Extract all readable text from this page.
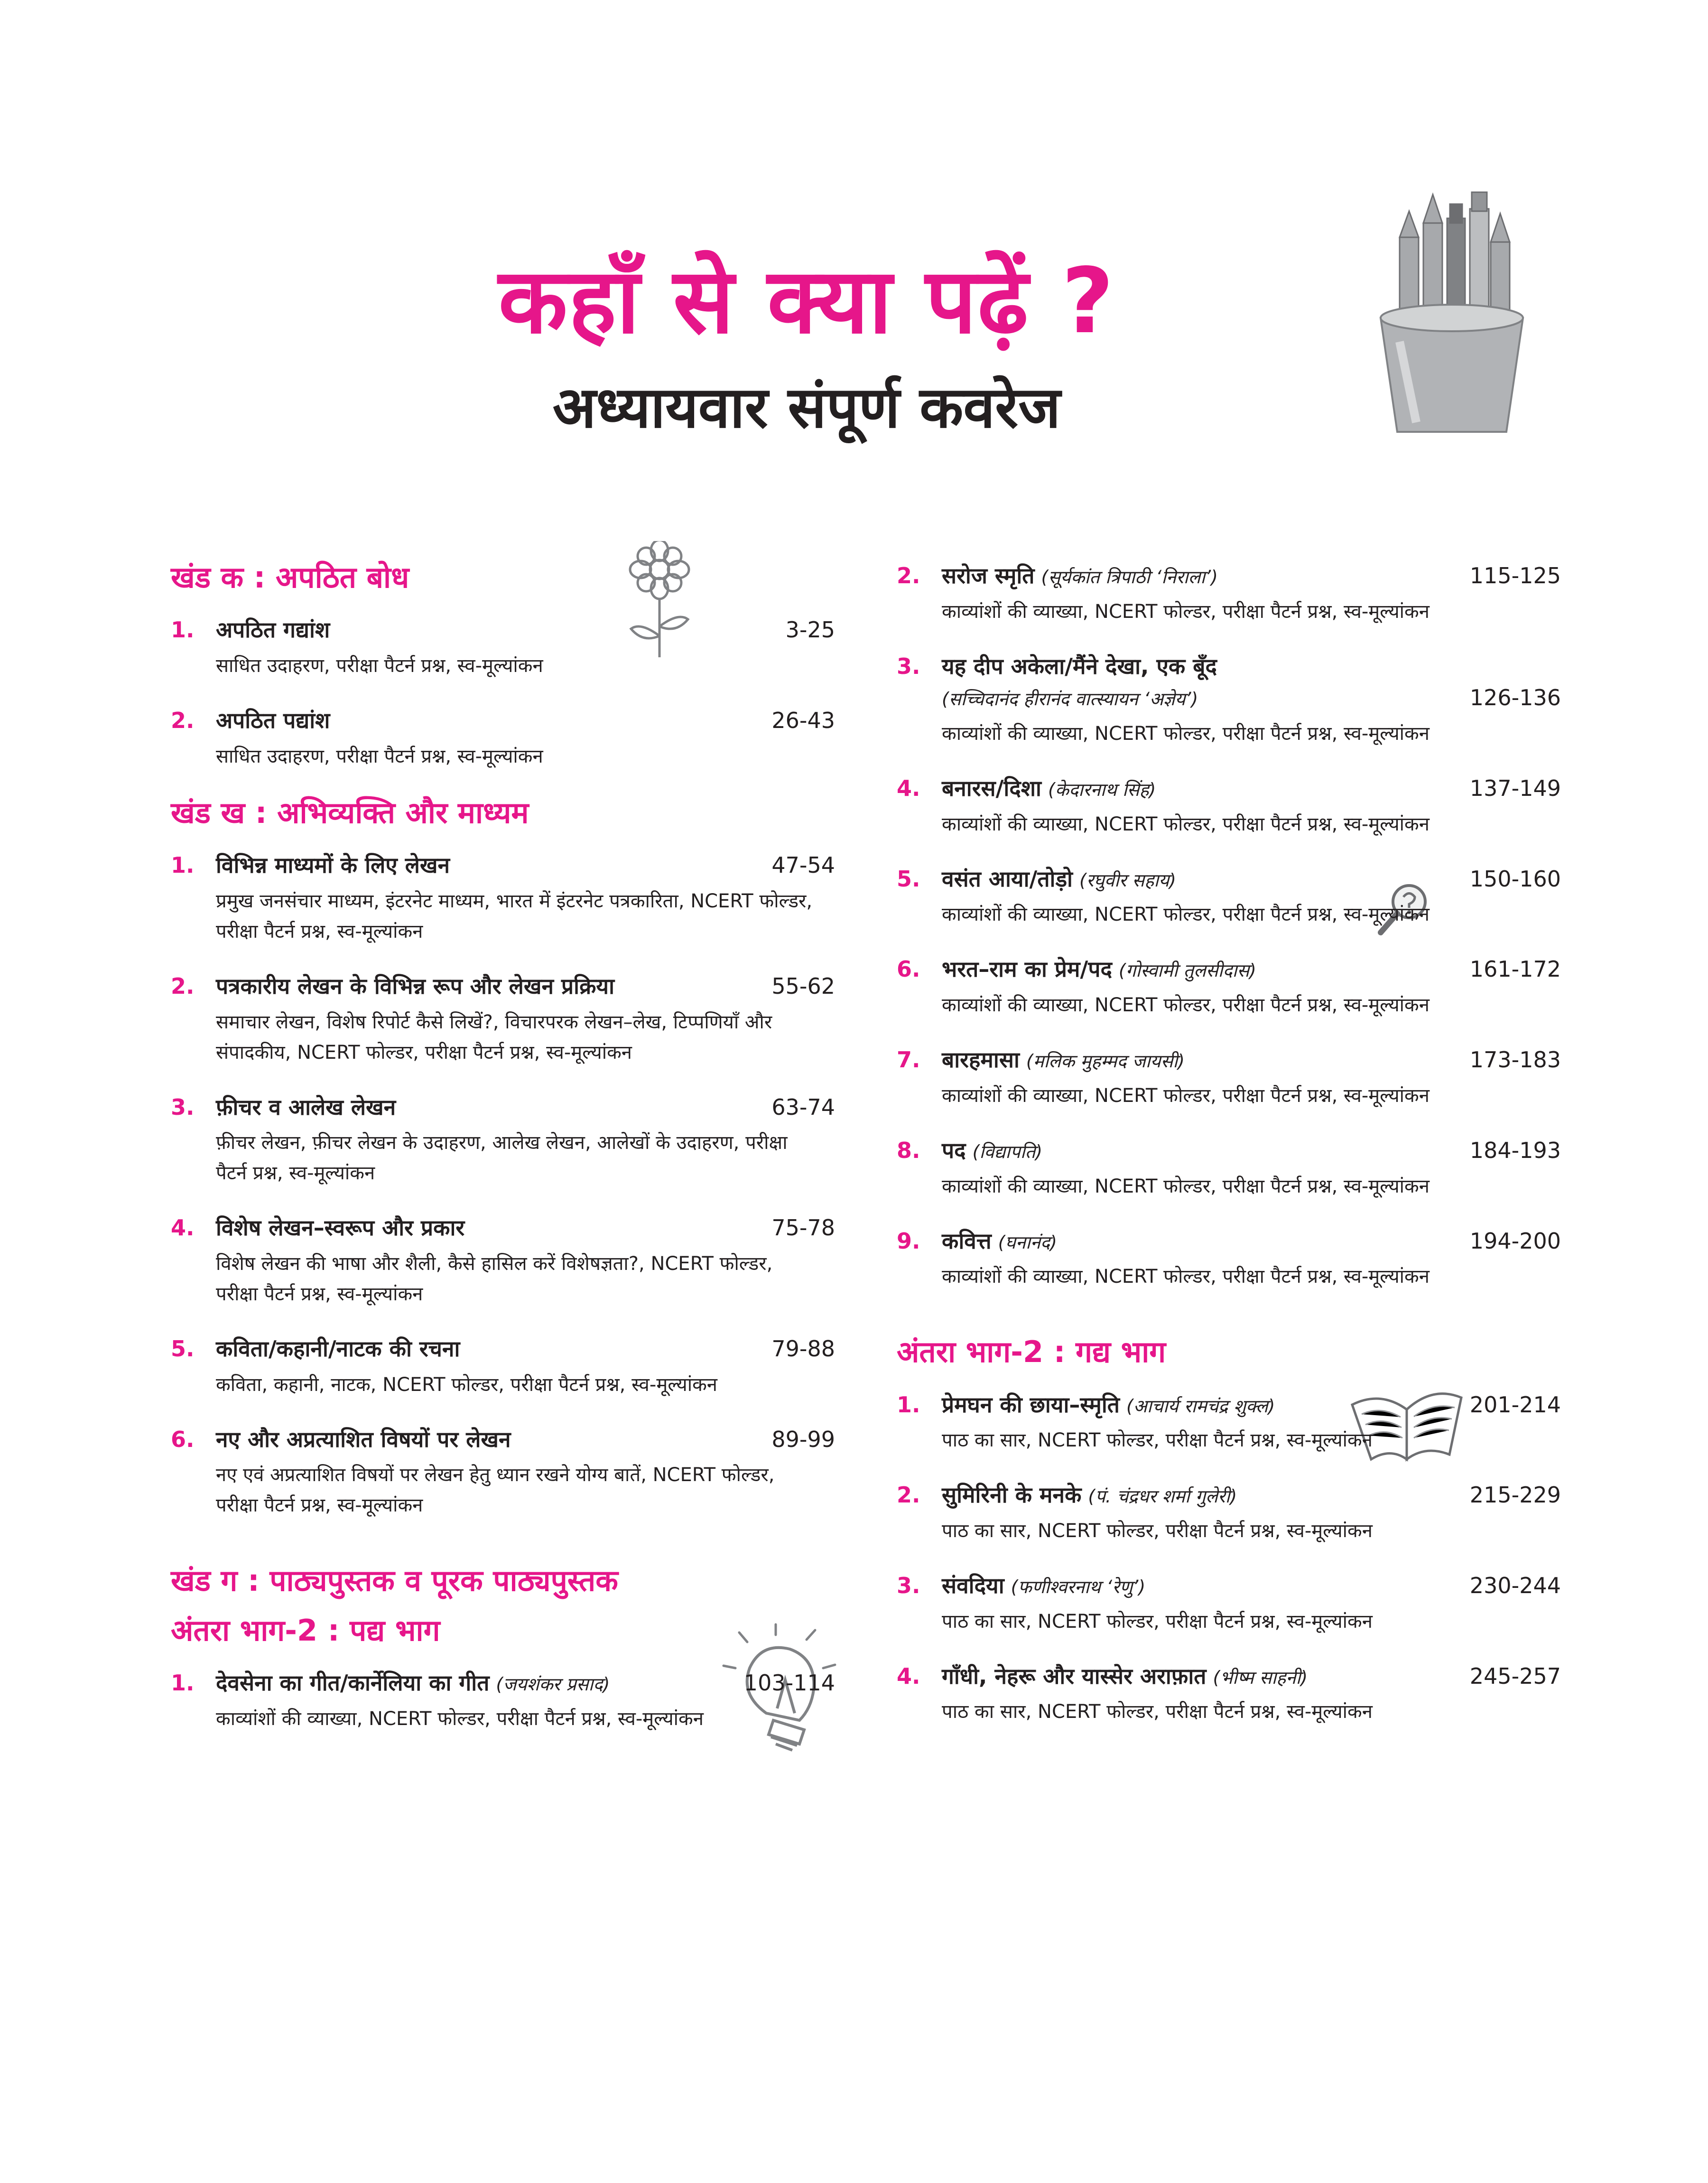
कहाँ से क्या पढ़ें ?
अध्यायवार संपूर्ण कवरेज
खंड क : अपठित बोध
1. अपठित गद्यांश	3-25
साधित उदाहरण, परीक्षा पैटर्न प्रश्न, स्व-मूल्यांकन
2. अपठित पद्यांश	26-43
साधित उदाहरण, परीक्षा पैटर्न प्रश्न, स्व-मूल्यांकन
खंड ख : अभिव्यक्ति और माध्यम
1. विभिन्न माध्यमों के लिए लेखन	47-54
प्रमुख जनसंचार माध्यम, इंटरनेट माध्यम, भारत में इंटरनेट पत्रकारिता, NCERT फोल्डर, परीक्षा पैटर्न प्रश्न, स्व-मूल्यांकन
2. पत्रकारीय लेखन के विभिन्न रूप और लेखन प्रक्रिया	55-62
समाचार लेखन, विशेष रिपोर्ट कैसे लिखें?, विचारपरक लेखन–लेख, टिप्पणियाँ और संपादकीय, NCERT फोल्डर, परीक्षा पैटर्न प्रश्न, स्व-मूल्यांकन
3. फ़ीचर व आलेख लेखन	63-74
फ़ीचर लेखन, फ़ीचर लेखन के उदाहरण, आलेख लेखन, आलेखों के उदाहरण, परीक्षा पैटर्न प्रश्न, स्व-मूल्यांकन
4. विशेष लेखन–स्वरूप और प्रकार	75-78
विशेष लेखन की भाषा और शैली, कैसे हासिल करें विशेषज्ञता?, NCERT फोल्डर, परीक्षा पैटर्न प्रश्न, स्व-मूल्यांकन
5. कविता/कहानी/नाटक की रचना	79-88
कविता, कहानी, नाटक, NCERT फोल्डर, परीक्षा पैटर्न प्रश्न, स्व-मूल्यांकन
6. नए और अप्रत्याशित विषयों पर लेखन	89-99
नए एवं अप्रत्याशित विषयों पर लेखन हेतु ध्यान रखने योग्य बातें, NCERT फोल्डर, परीक्षा पैटर्न प्रश्न, स्व-मूल्यांकन
खंड ग : पाठ्यपुस्तक व पूरक पाठ्यपुस्तक
अंतरा भाग-2 : पद्य भाग
1. देवसेना का गीत/कार्नेलिया का गीत (जयशंकर प्रसाद)	103-114
काव्यांशों की व्याख्या, NCERT फोल्डर, परीक्षा पैटर्न प्रश्न, स्व-मूल्यांकन
2. सरोज स्मृति (सूर्यकांत त्रिपाठी ‘निराला’)	115-125
काव्यांशों की व्याख्या, NCERT फोल्डर, परीक्षा पैटर्न प्रश्न, स्व-मूल्यांकन
3. यह दीप अकेला/मैंने देखा, एक बूँद
(सच्चिदानंद हीरानंद वात्स्यायन ‘अज्ञेय’)	126-136
काव्यांशों की व्याख्या, NCERT फोल्डर, परीक्षा पैटर्न प्रश्न, स्व-मूल्यांकन
4. बनारस/दिशा (केदारनाथ सिंह)	137-149
काव्यांशों की व्याख्या, NCERT फोल्डर, परीक्षा पैटर्न प्रश्न, स्व-मूल्यांकन
5. वसंत आया/तोड़ो (रघुवीर सहाय)	150-160
काव्यांशों की व्याख्या, NCERT फोल्डर, परीक्षा पैटर्न प्रश्न, स्व-मूल्यांकन
6. भरत–राम का प्रेम/पद (गोस्वामी तुलसीदास)	161-172
काव्यांशों की व्याख्या, NCERT फोल्डर, परीक्षा पैटर्न प्रश्न, स्व-मूल्यांकन
7. बारहमासा (मलिक मुहम्मद जायसी)	173-183
काव्यांशों की व्याख्या, NCERT फोल्डर, परीक्षा पैटर्न प्रश्न, स्व-मूल्यांकन
8. पद (विद्यापति)	184-193
काव्यांशों की व्याख्या, NCERT फोल्डर, परीक्षा पैटर्न प्रश्न, स्व-मूल्यांकन
9. कवित्त (घनानंद)	194-200
काव्यांशों की व्याख्या, NCERT फोल्डर, परीक्षा पैटर्न प्रश्न, स्व-मूल्यांकन
अंतरा भाग-2 : गद्य भाग
1. प्रेमघन की छाया–स्मृति (आचार्य रामचंद्र शुक्ल)	201-214
पाठ का सार, NCERT फोल्डर, परीक्षा पैटर्न प्रश्न, स्व-मूल्यांकन
2. सुमिरिनी के मनके (पं. चंद्रधर शर्मा गुलेरी)	215-229
पाठ का सार, NCERT फोल्डर, परीक्षा पैटर्न प्रश्न, स्व-मूल्यांकन
3. संवदिया (फणीश्वरनाथ ‘रेणु’)	230-244
पाठ का सार, NCERT फोल्डर, परीक्षा पैटर्न प्रश्न, स्व-मूल्यांकन
4. गाँधी, नेहरू और यास्सेर अराफ़ात (भीष्म साहनी)	245-257
पाठ का सार, NCERT फोल्डर, परीक्षा पैटर्न प्रश्न, स्व-मूल्यांकन
